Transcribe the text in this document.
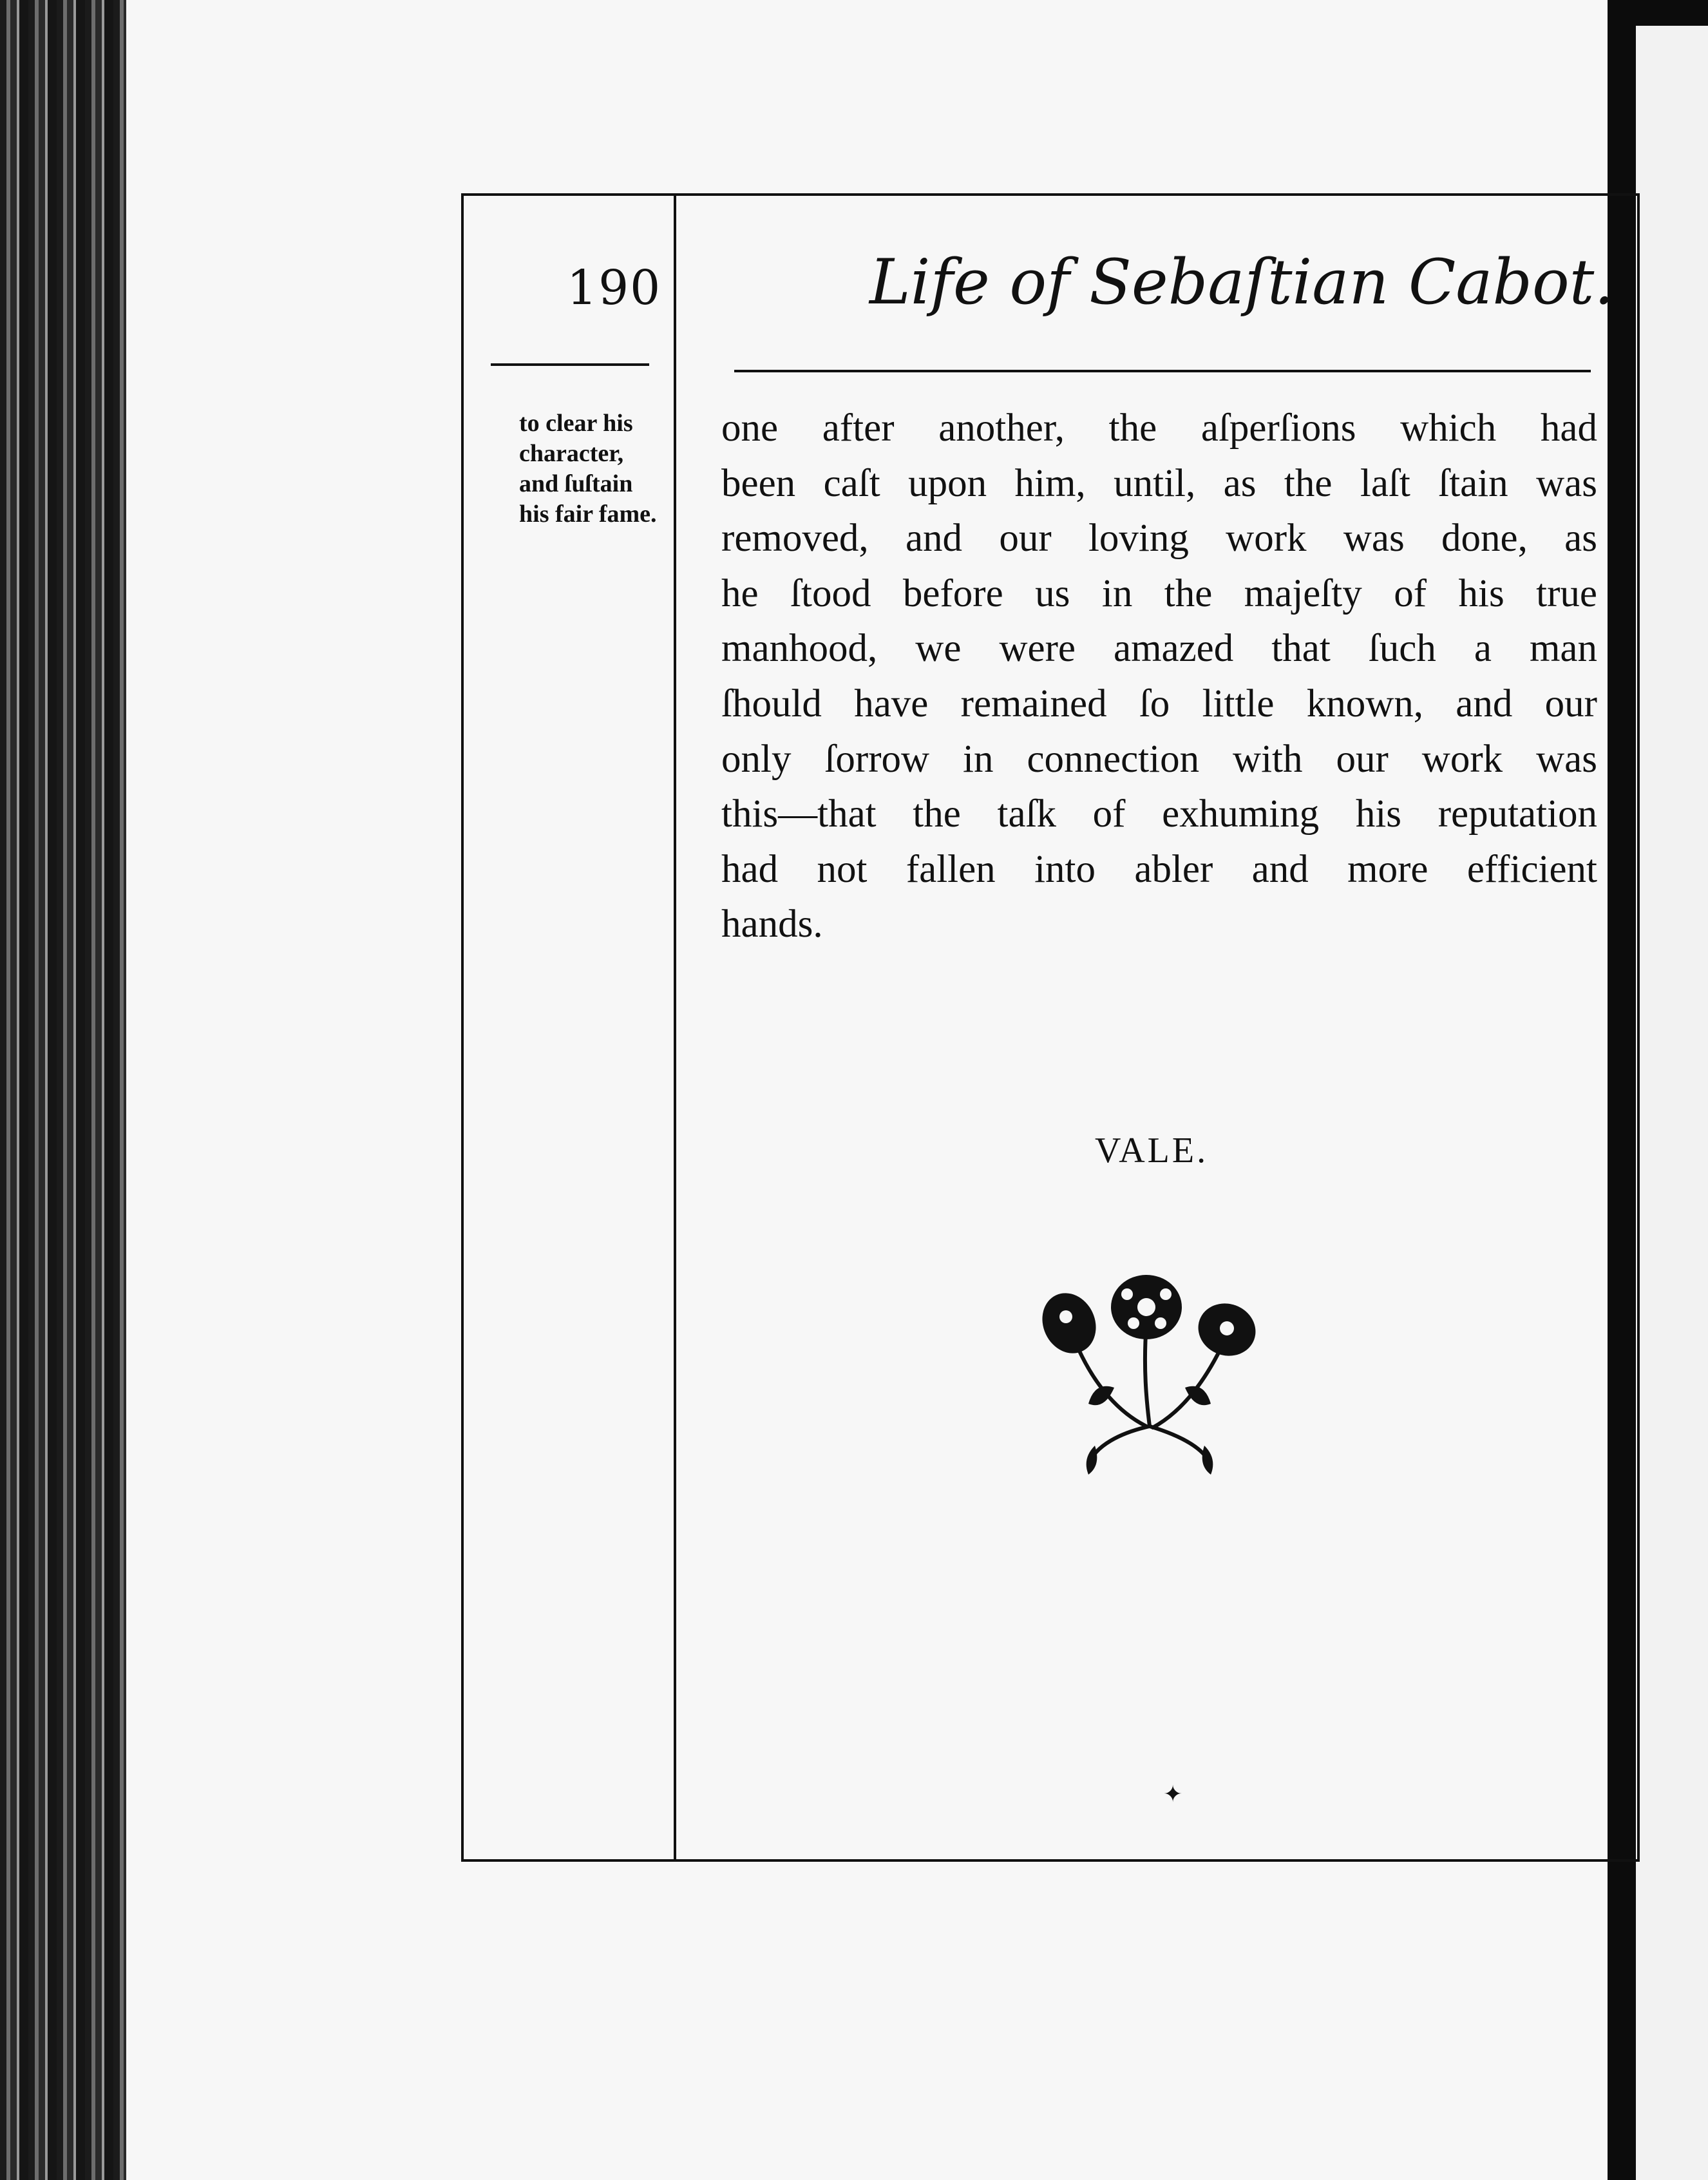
190	Life of Sebaſtian Cabot.
to clear his
character,
and ſuſtain
his fair fame.
one after another, the aſperſions which had
been caſt upon him, until, as the laſt ſtain was
removed, and our loving work was done, as
he ſtood before us in the majeſty of his true
manhood, we were amazed that ſuch a man
ſhould have remained ſo little known, and our
only ſorrow in connection with our work was
this—that the taſk of exhuming his reputation
had not fallen into abler and more efficient
hands.
VALE.
✦
